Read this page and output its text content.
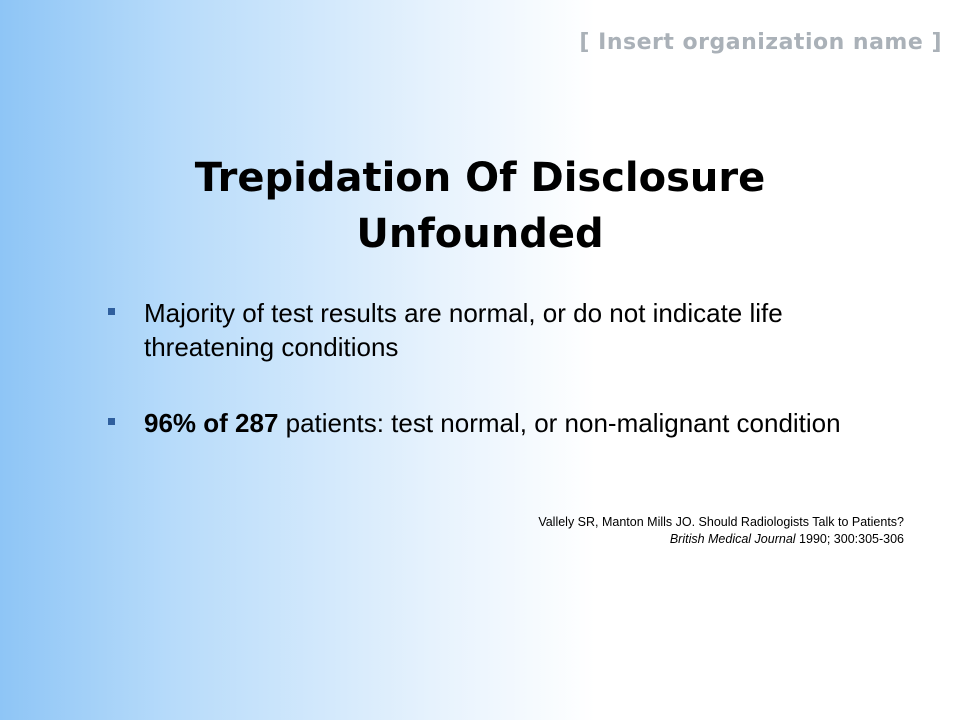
[ Insert organization name ]
Trepidation Of Disclosure
Unfounded
Majority of test results are normal, or do not indicate life threatening conditions
96% of 287 patients: test normal, or non-malignant condition
Vallely SR, Manton Mills JO. Should Radiologists Talk to Patients?
British Medical Journal 1990; 300:305-306
